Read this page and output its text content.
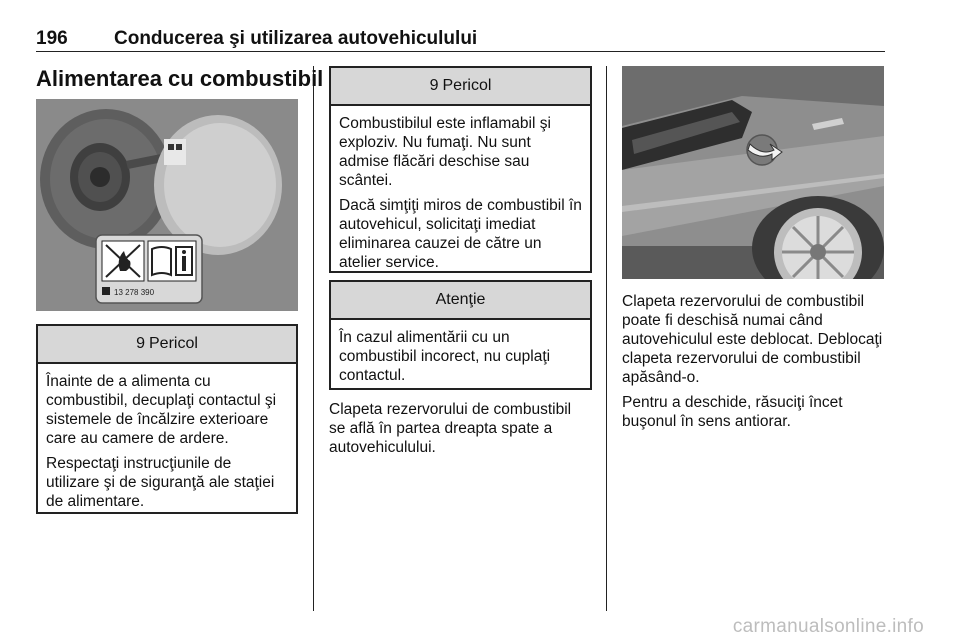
196 Conducerea şi utilizarea autovehiculului
Alimentarea cu combustibil
13 278 390
9 Pericol

Înainte de a alimenta cu combustibil, decuplaţi contactul şi sistemele de încălzire exterioare care au camere de ardere.

Respectaţi instrucţiunile de utilizare şi de siguranţă ale staţiei de alimentare.

9 Pericol

Combustibilul este inflamabil şi exploziv. Nu fumaţi. Nu sunt admise flăcări deschise sau scântei.

Dacă simţiţi miros de combustibil în autovehicul, solicitaţi imediat eliminarea cauzei de către un atelier service.

Atenţie

În cazul alimentării cu un combustibil incorect, nu cuplaţi contactul.

Clapeta rezervorului de combustibil se află în partea dreapta spate a autovehiculului.

Clapeta rezervorului de combustibil poate fi deschisă numai când autovehiculul este deblocat. Deblocaţi clapeta rezervorului de combustibil apăsând-o.

Pentru a deschide, răsuciţi încet buşonul în sens antiorar.

carmanualsonline.info
